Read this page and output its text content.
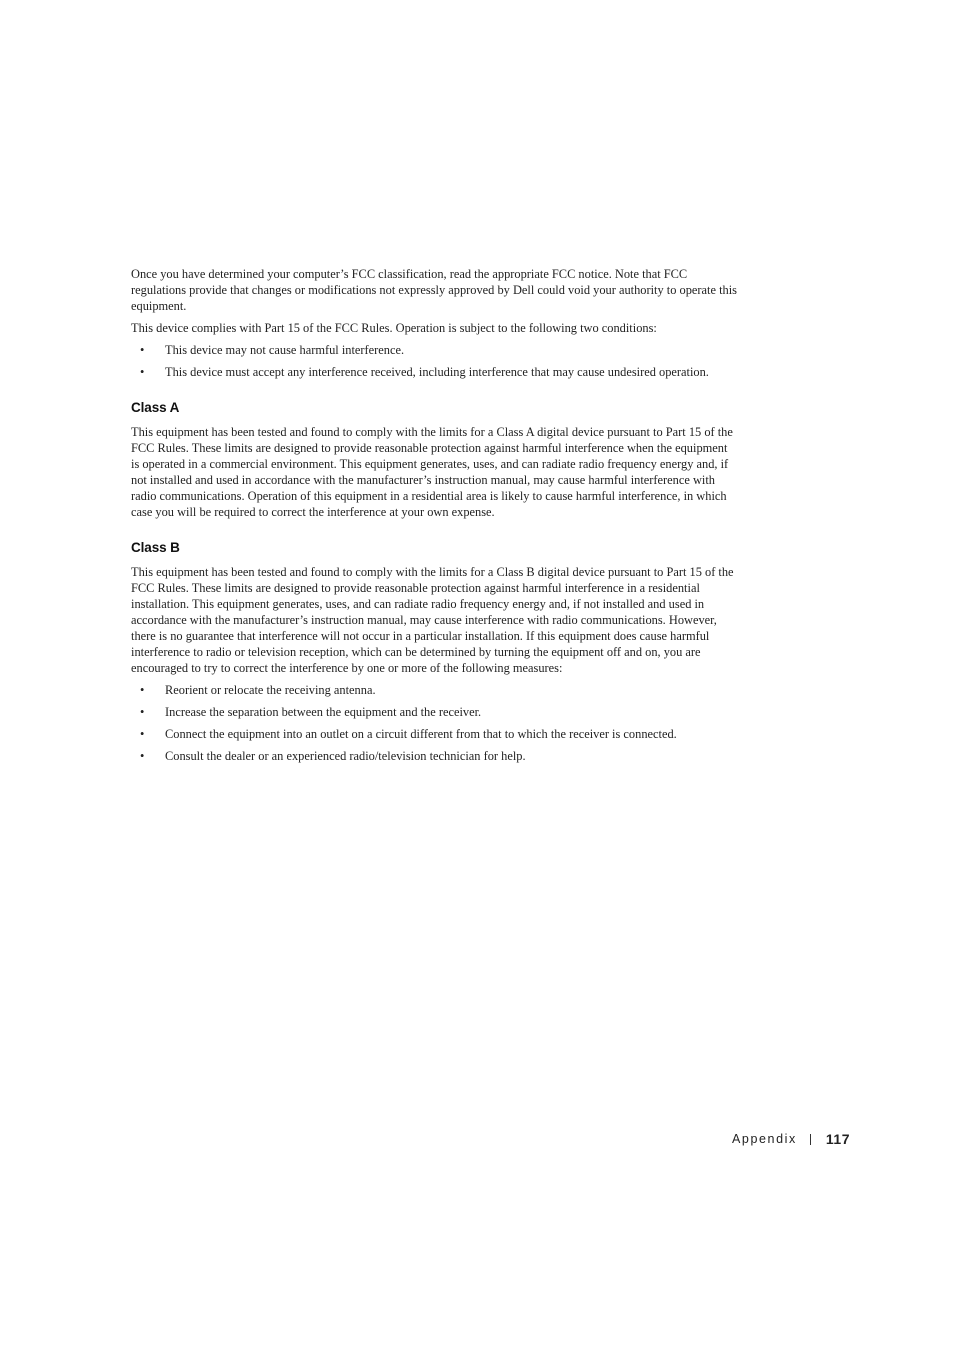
Once you have determined your computer’s FCC classification, read the appropriate FCC notice. Note that FCC regulations provide that changes or modifications not expressly approved by Dell could void your authority to operate this equipment.

This device complies with Part 15 of the FCC Rules. Operation is subject to the following two conditions:

• This device may not cause harmful interference.
• This device must accept any interference received, including interference that may cause undesired operation.
Class A

This equipment has been tested and found to comply with the limits for a Class A digital device pursuant to Part 15 of the FCC Rules. These limits are designed to provide reasonable protection against harmful interference when the equipment is operated in a commercial environment. This equipment generates, uses, and can radiate radio frequency energy and, if not installed and used in accordance with the manufacturer’s instruction manual, may cause harmful interference with radio communications. Operation of this equipment in a residential area is likely to cause harmful interference, in which case you will be required to correct the interference at your own expense.

Class B

This equipment has been tested and found to comply with the limits for a Class B digital device pursuant to Part 15 of the FCC Rules. These limits are designed to provide reasonable protection against harmful interference in a residential installation. This equipment generates, uses, and can radiate radio frequency energy and, if not installed and used in accordance with the manufacturer’s instruction manual, may cause interference with radio communications. However, there is no guarantee that interference will not occur in a particular installation. If this equipment does cause harmful interference to radio or television reception, which can be determined by turning the equipment off and on, you are encouraged to try to correct the interference by one or more of the following measures:

• Reorient or relocate the receiving antenna.
• Increase the separation between the equipment and the receiver.
• Connect the equipment into an outlet on a circuit different from that to which the receiver is connected.
• Consult the dealer or an experienced radio/television technician for help.
Appendix 117
